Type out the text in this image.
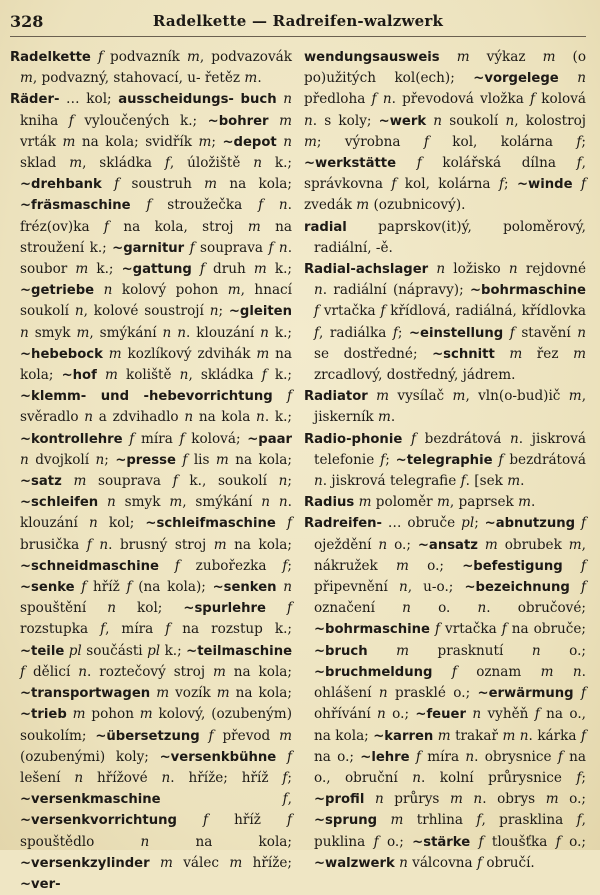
328	Radelkette — Radreifen-walzwerk

Radelkette f podvazník m, podvazovák m, podvazný, stahovací, u- řetěz m.

Räder- … kol; ausscheidungs- buch n kniha f vyloučených k.; ~bohrer m vrták m na kola; svidřík m; ~depot n sklad m, skládka f, úložiště n k.; ~drehbank f soustruh m na kola; ~fräsmaschine f stroužečka f n. fréz(ov)ka f na kola, stroj m na stroužení k.; ~garnitur f souprava f n. soubor m k.; ~gattung f druh m k.; ~getriebe n kolový pohon m, hnací soukolí n, kolové soustrojí n; ~gleiten n smyk m, smýkání n n. klouzání n k.; ~hebebock m kozlíkový zdvihák m na kola; ~hof m koliště n, skládka f k.; ~klemm- und -hebevorrichtung f svěradlo n a zdvihadlo n na kola n. k.; ~kontrollehre f míra f kolová; ~paar n dvojkolí n; ~presse f lis m na kola; ~satz m souprava f k., soukolí n; ~schleifen n smyk m, smýkání n n. klouzání n kol; ~schleifmaschine f brusička f n. brusný stroj m na kola; ~schneidmaschine f zubořezka f; ~senke f hříž f (na kola); ~senken n spouštění n kol; ~spurlehre f rozstupka f, míra f na rozstup k.; ~teile pl součásti pl k.; ~teilmaschine f dělicí n. roztečový stroj m na kola; ~transportwagen m vozík m na kola; ~trieb m pohon m kolový, (ozubeným) soukolím; ~übersetzung f převod m (ozubenými) koly; ~versenkbühne f lešení n hřížové n. hříže; hříž f; ~versenkmaschine	f, ~versenkvorrichtung f hříž f spouštědlo n na kola; ~versenkzylinder m válec m hříže; ~ver-

wendungsausweis m výkaz m (o po)užitých kol(ech); ~vorgelege n předloha f n. převodová vložka f kolová n. s koly; ~werk n soukolí n, kolostroj m; výrobna f kol, kolárna f; ~werkstätte f kolářská dílna f, správkovna f kol, kolárna f; ~winde f zvedák m (ozubnicový).

radial paprskov(it)ý, poloměrový, radiální, -ě.

Radial-achslager n ložisko n rejdovné n. radiální (nápravy); ~bohrmaschine f vrtačka f křídlová, radiálná, křídlovka f, radiálka f; ~einstellung f stavění n se dostředné; ~schnitt m řez m zrcadlový, dostředný, jádrem.

Radiator m vysílač m, vln(o-bud)ič m, jiskerník m.

Radio-phonie f bezdrátová n. jiskrová telefonie f; ~telegraphie f bezdrátová n. jiskrová telegrafie f. [sek m.

Radius m poloměr m, paprsek m.

Radreifen- … obruče pl; ~abnutzung f oježdění n o.; ~ansatz m obrubek m, nákružek m o.; ~befestigung f připevnění n, u-o.; ~bezeichnung f označení n o. n. obručové; ~bohrmaschine f vrtačka f na obruče; ~bruch m prasknutí n o.; ~bruchmeldung f oznam m n. ohlášení n prasklé o.; ~erwärmung f ohřívání n o.; ~feuer n vyhěň f na o., na kola; ~karren m trakař m n. kárka f na o.; ~lehre f míra n. obrysnice f na o., obruční n. kolní průrysnice f; ~profil n průrys m n. obrys m o.; ~sprung m trhlina f, prasklina f, puklina f o.; ~stärke f tloušťka f o.; ~walzwerk n válcovna f obručí.
